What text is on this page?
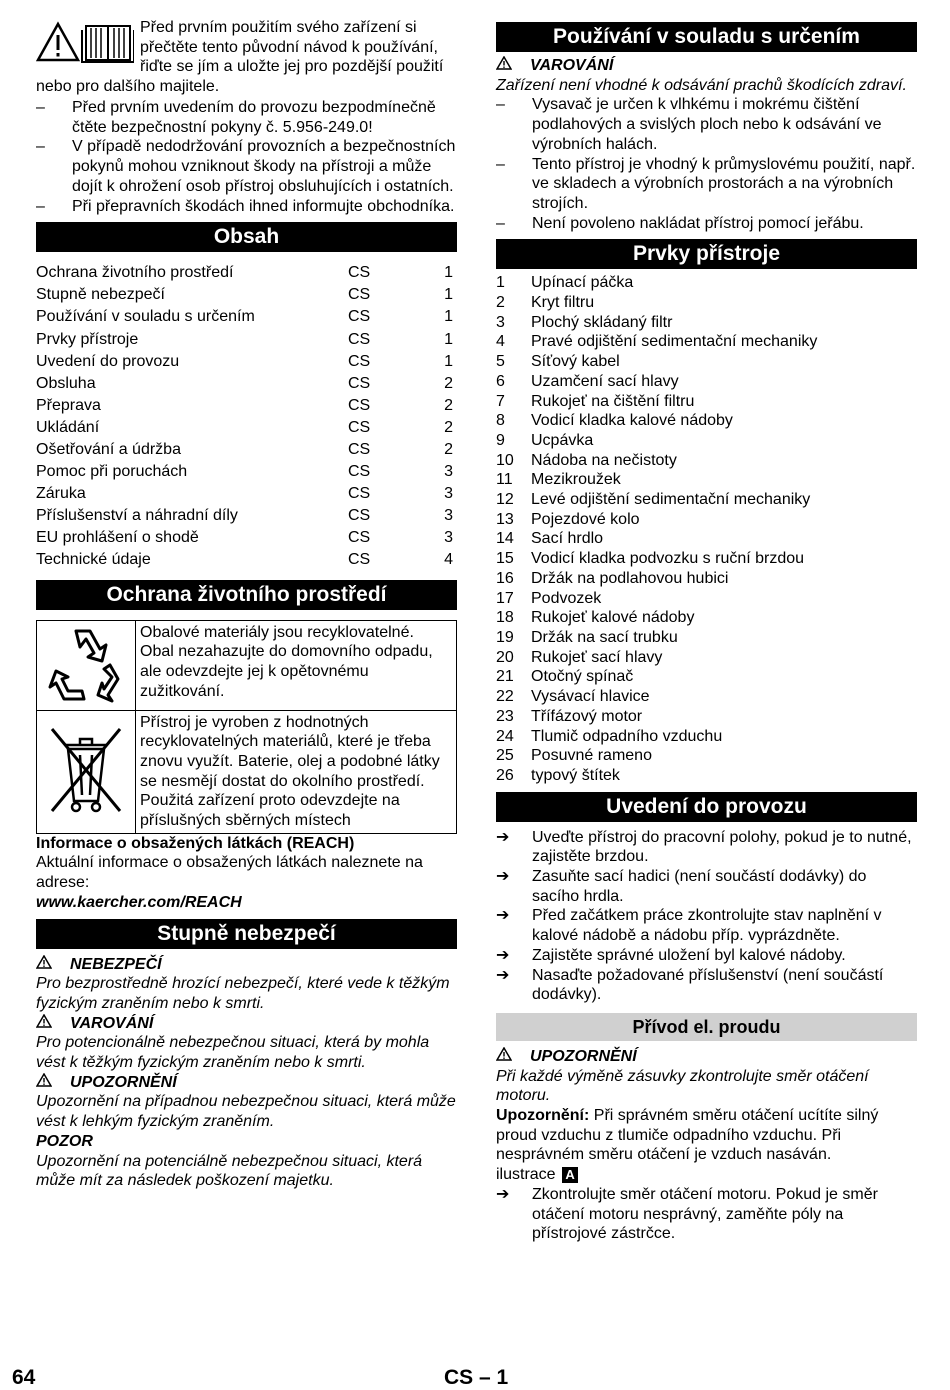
Před prvním použitím svého zařízení si přečtěte tento původní návod k používání, řiďte se jím a uložte jej pro pozdější použití nebo pro dalšího majitele.

–	Před prvním uvedením do provozu bezpodmínečně čtěte bezpečnostní pokyny č. 5.956-249.0!
–	V případě nedodržování provozních a bezpečnostních pokynů mohou vzniknout škody na přístroji a může dojít k ohrožení osob přístroj obsluhujících i ostatních.
–	Při přepravních škodách ihned informujte obchodníka.
Obsah
Ochrana životního prostředí	CS	1
Stupně nebezpečí	CS	1
Používání v souladu s určením	CS	1
Prvky přístroje	CS	1
Uvedení do provozu	CS	1
Obsluha	CS	2
Přeprava	CS	2
Ukládání	CS	2
Ošetřování a údržba	CS	2
Pomoc při poruchách	CS	3
Záruka	CS	3
Příslušenství a náhradní díly	CS	3
EU prohlášení o shodě	CS	3
Technické údaje	CS	4
Ochrana životního prostředí

Obalové materiály jsou recyklovatelné. Obal nezahazujte do domovního odpadu, ale odevzdejte jej k opětovnému zužitkování.

Přístroj je vyroben z hodnotných recyklovatelných materiálů, které je třeba znovu využít. Baterie, olej a podobné látky se nesmějí dostat do okolního prostředí. Použitá zařízení proto odevzdejte na příslušných sběrných místech

Informace o obsažených látkách (REACH)

Aktuální informace o obsažených látkách naleznete na adrese:

www.kaercher.com/REACH

Stupně nebezpečí
NEBEZPEČÍ

Pro bezprostředně hrozící nebezpečí, které vede k těžkým fyzickým zraněním nebo k smrti.

VAROVÁNÍ

Pro potencionálně nebezpečnou situaci, která by mohla vést k těžkým fyzickým zraněním nebo k smrti.

UPOZORNĚNÍ

Upozornění na případnou nebezpečnou situaci, která může vést k lehkým fyzickým zraněním.

POZOR

Upozornění na potenciálně nebezpečnou situaci, která může mít za následek poškození majetku.

Používání v souladu s určením
VAROVÁNÍ

Zařízení není vhodné k odsávání prachů škodících zdraví.

–	Vysavač je určen k vlhkému i mokrému čištění podlahových a svislých ploch nebo k odsávání ve výrobních halách.
–	Tento přístroj je vhodný k průmyslovému použití, např. ve skladech a výrobních prostorách a na výrobních strojích.
–	Není povoleno nakládat přístroj pomocí jeřábu.
Prvky přístroje
1	Upínací páčka
2	Kryt filtru
3	Plochý skládaný filtr
4	Pravé odjištění sedimentační mechaniky
5	Síťový kabel
6	Uzamčení sací hlavy
7	Rukojeť na čištění filtru
8	Vodicí kladka kalové nádoby
9	Ucpávka
10	Nádoba na nečistoty
11	Mezikroužek
12	Levé odjištění sedimentační mechaniky
13	Pojezdové kolo
14	Sací hrdlo
15	Vodicí kladka podvozku s ruční brzdou
16	Držák na podlahovou hubici
17	Podvozek
18	Rukojeť kalové nádoby
19	Držák na sací trubku
20	Rukojeť sací hlavy
21	Otočný spínač
22	Vysávací hlavice
23	Třífázový motor
24	Tlumič odpadního vzduchu
25	Posuvné rameno
26	typový štítek
Uvedení do provozu
➔	Uveďte přístroj do pracovní polohy, pokud je to nutné, zajistěte brzdou.
➔	Zasuňte sací hadici (není součástí dodávky) do sacího hrdla.
➔	Před začátkem práce zkontrolujte stav naplnění v kalové nádobě a nádobu příp. vyprázdněte.
➔	Zajistěte správné uložení byl kalové nádoby.
➔	Nasaďte požadované příslušenství (není součástí dodávky).
Přívod el. proudu
UPOZORNĚNÍ

Při každé výměně zásuvky zkontrolujte směr otáčení motoru.

Upozornění: Při správném směru otáčení ucítíte silný proud vzduchu z tlumiče odpadního vzduchu. Při nesprávném směru otáčení je vzduch nasáván.

ilustrace A

➔	Zkontrolujte směr otáčení motoru. Pokud je směr otáčení motoru nesprávný, zaměňte póly na přístrojové zástrčce.
64	CS – 1
